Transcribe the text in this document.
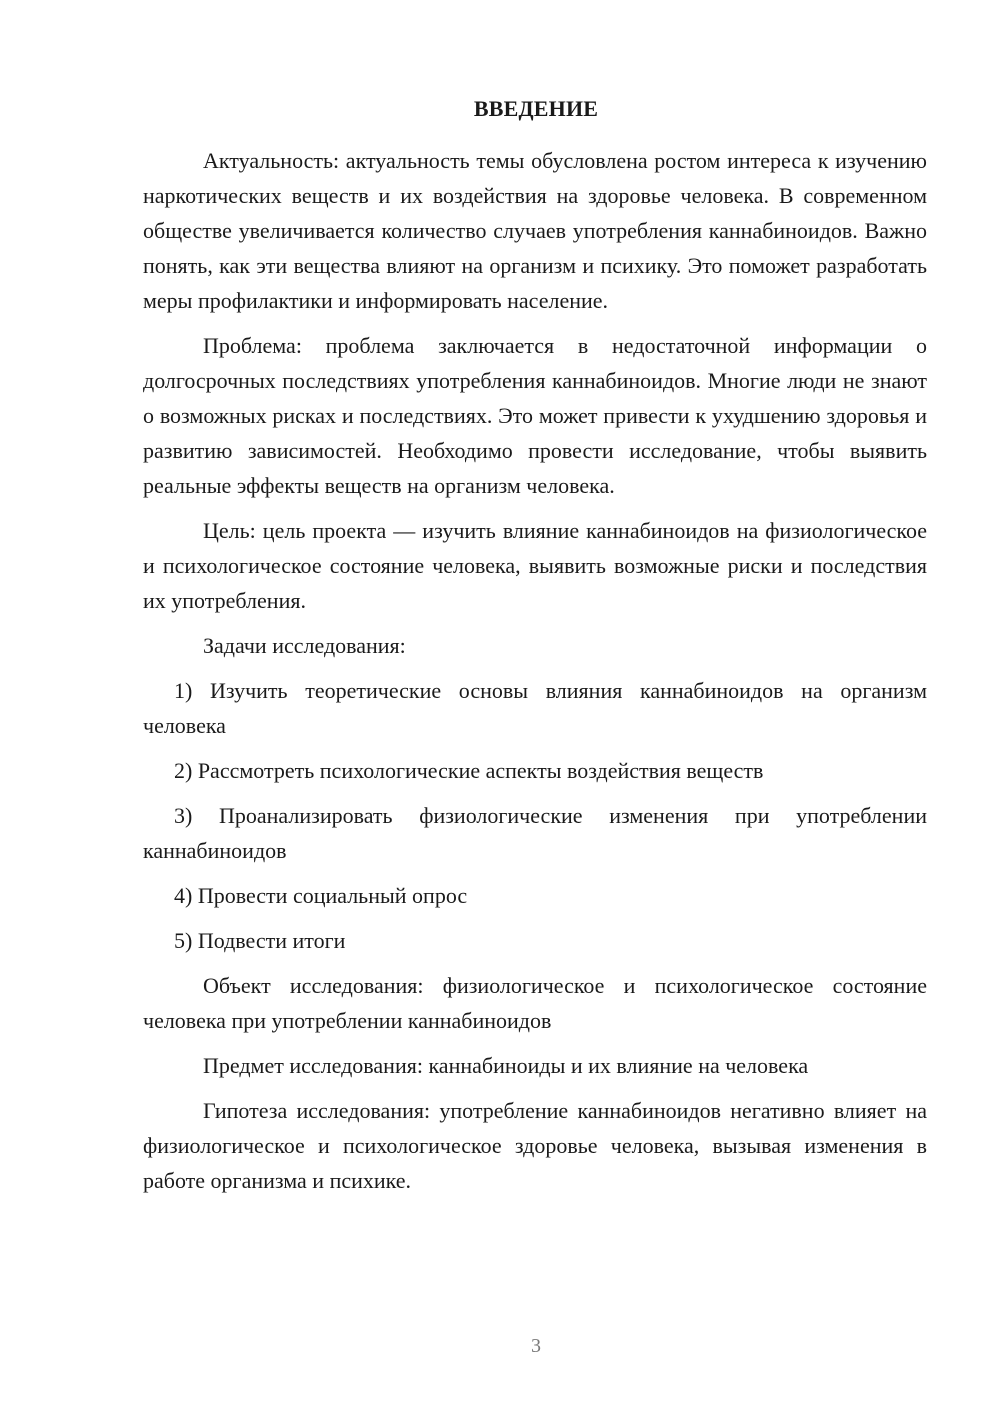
ВВЕДЕНИЕ

Актуальность: актуальность темы обусловлена ростом интереса к изучению наркотических веществ и их воздействия на здоровье человека. В современном обществе увеличивается количество случаев употребления каннабиноидов. Важно понять, как эти вещества влияют на организм и психику. Это поможет разработать меры профилактики и информировать население.

Проблема: проблема заключается в недостаточной информации о долгосрочных последствиях употребления каннабиноидов. Многие люди не знают о возможных рисках и последствиях. Это может привести к ухудшению здоровья и развитию зависимостей. Необходимо провести исследование, чтобы выявить реальные эффекты веществ на организм человека.

Цель: цель проекта — изучить влияние каннабиноидов на физиологическое и психологическое состояние человека, выявить возможные риски и последствия их употребления.

Задачи исследования:

1) Изучить теоретические основы влияния каннабиноидов на организм человека

2) Рассмотреть психологические аспекты воздействия веществ

3) Проанализировать физиологические изменения при употреблении каннабиноидов

4) Провести социальный опрос

5) Подвести итоги

Объект исследования: физиологическое и психологическое состояние человека при употреблении каннабиноидов

Предмет исследования: каннабиноиды и их влияние на человека

Гипотеза исследования: употребление каннабиноидов негативно влияет на физиологическое и психологическое здоровье человека, вызывая изменения в работе организма и психике.

3
